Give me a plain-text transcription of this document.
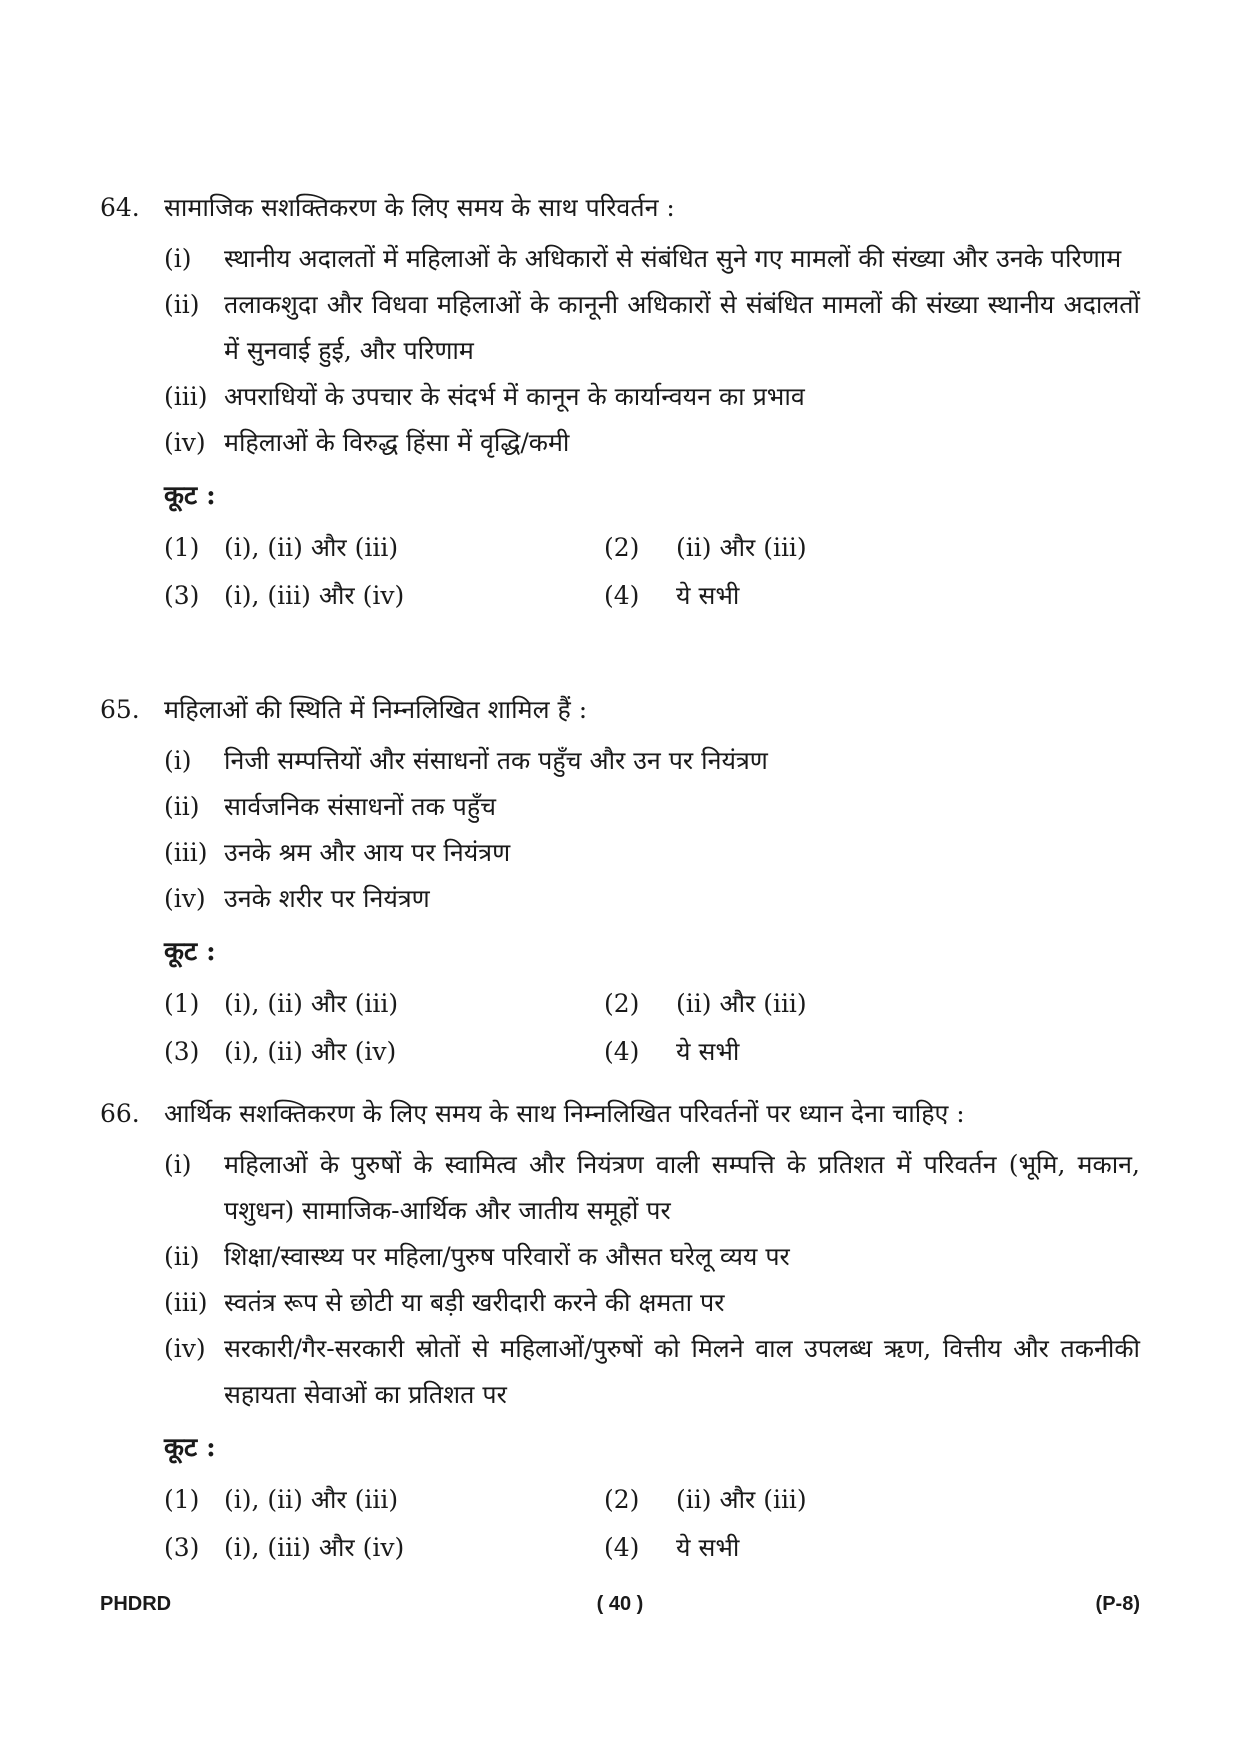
64. सामाजिक सशक्तिकरण के लिए समय के साथ परिवर्तन :
(i)	स्थानीय अदालतों में महिलाओं के अधिकारों से संबंधित सुने गए मामलों की संख्या और उनके परिणाम
(ii) तलाकशुदा और विधवा महिलाओं के कानूनी अधिकारों से संबंधित मामलों की संख्या स्थानीय अदालतों में सुनवाई हुई, और परिणाम
(iii) अपराधियों के उपचार के संदर्भ में कानून के कार्यान्वयन का प्रभाव
(iv) महिलाओं के विरुद्ध हिंसा में वृद्धि/कमी
कूट :
(1) (i), (ii) और (iii)	(2)	(ii) और (iii)
(3) (i), (iii) और (iv)	(4)	ये सभी
65. महिलाओं की स्थिति में निम्नलिखित शामिल हैं :
(i)	निजी सम्पत्तियों और संसाधनों तक पहुँच और उन पर नियंत्रण
(ii) सार्वजनिक संसाधनों तक पहुँच
(iii) उनके श्रम और आय पर नियंत्रण
(iv) उनके शरीर पर नियंत्रण
कूट :
(1) (i), (ii) और (iii)	(2)	(ii) और (iii)
(3) (i), (ii) और (iv)	(4)	ये सभी
66. आर्थिक सशक्तिकरण के लिए समय के साथ निम्नलिखित परिवर्तनों पर ध्यान देना चाहिए :
(i)	महिलाओं के पुरुषों के स्वामित्व और नियंत्रण वाली सम्पत्ति के प्रतिशत में परिवर्तन (भूमि, मकान, पशुधन) सामाजिक-आर्थिक और जातीय समूहों पर
(ii) शिक्षा/स्वास्थ्य पर महिला/पुरुष परिवारों क औसत घरेलू व्यय पर
(iii) स्वतंत्र रूप से छोटी या बड़ी खरीदारी करने की क्षमता पर
(iv) सरकारी/गैर-सरकारी स्रोतों से महिलाओं/पुरुषों को मिलने वाल उपलब्ध ऋण, वित्तीय और तकनीकी सहायता सेवाओं का प्रतिशत पर
कूट :
(1) (i), (ii) और (iii)	(2)	(ii) और (iii)
(3) (i), (iii) और (iv)	(4)	ये सभी
PHDRD	( 40 )	(P-8)
